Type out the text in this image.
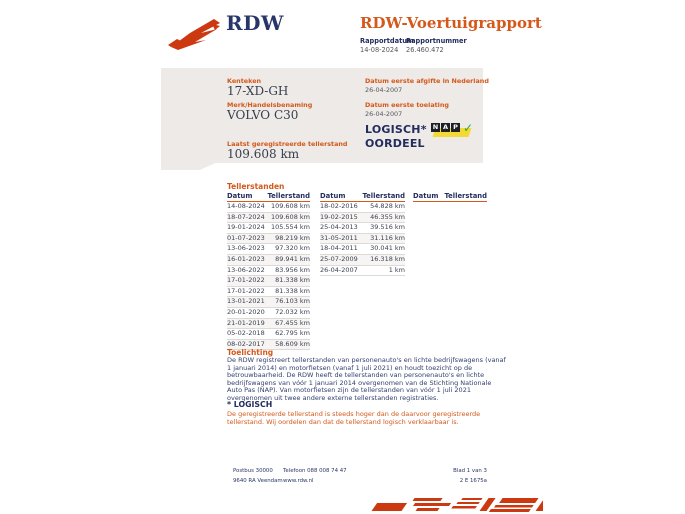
RDW	RDW-Voertuigrapport
Rapportdatum
14-08-2024
Rapportnummer
26.460.472
Kenteken
17-XD-GH
Merk/Handelsbenaming
VOLVO C30
Laatst geregistreerde tellerstand
109.608 km
Datum eerste afgifte in Nederland
26-04-2007
Datum eerste toelating
26-04-2007
LOGISCH*
OORDEEL
N A P ✓
Tellerstanden
Datum Tellerstand
14-08-2024 109.608 km
18-07-2024 109.608 km
19-01-2024 105.554 km
01-07-2023 98.219 km
13-06-2023 97.320 km
16-01-2023 89.941 km
13-06-2022 83.956 km
17-01-2022 81.338 km
17-01-2022 81.338 km
13-01-2021 76.103 km
20-01-2020 72.032 km
21-01-2019 67.455 km
05-02-2018 62.795 km
08-02-2017 58.609 km
Datum	Tellerstand
18-02-2016 54.828 km
19-02-2015 46.355 km
25-04-2013 39.516 km
31-05-2011 31.116 km
18-04-2011 30.041 km
25-07-2009 16.318 km
26-04-2007	1 km
Datum Tellerstand
Toelichting
De RDW registreert tellerstanden van personenauto's en lichte bedrijfswagens (vanaf 1 januari 2014) en motorfietsen (vanaf 1 juli 2021) en houdt toezicht op de betrouwbaarheid. De RDW heeft de tellerstanden van personenauto's en lichte bedrijfswagens van vóór 1 januari 2014 overgenomen van de Stichting Nationale Auto Pas (NAP). Van motorfietsen zijn de tellerstanden van vóór 1 juli 2021 overgenomen uit twee andere externe tellerstanden registraties.
* LOGISCH
De geregistreerde tellerstand is steeds hoger dan de daarvoor geregistreerde tellerstand. Wij oordelen dan dat de tellerstand logisch verklaarbaar is.
Postbus 30000
9640 RA Veendam
Telefoon 088 008 74 47
www.rdw.nl
Blad 1 van 3
2 E 1675a
